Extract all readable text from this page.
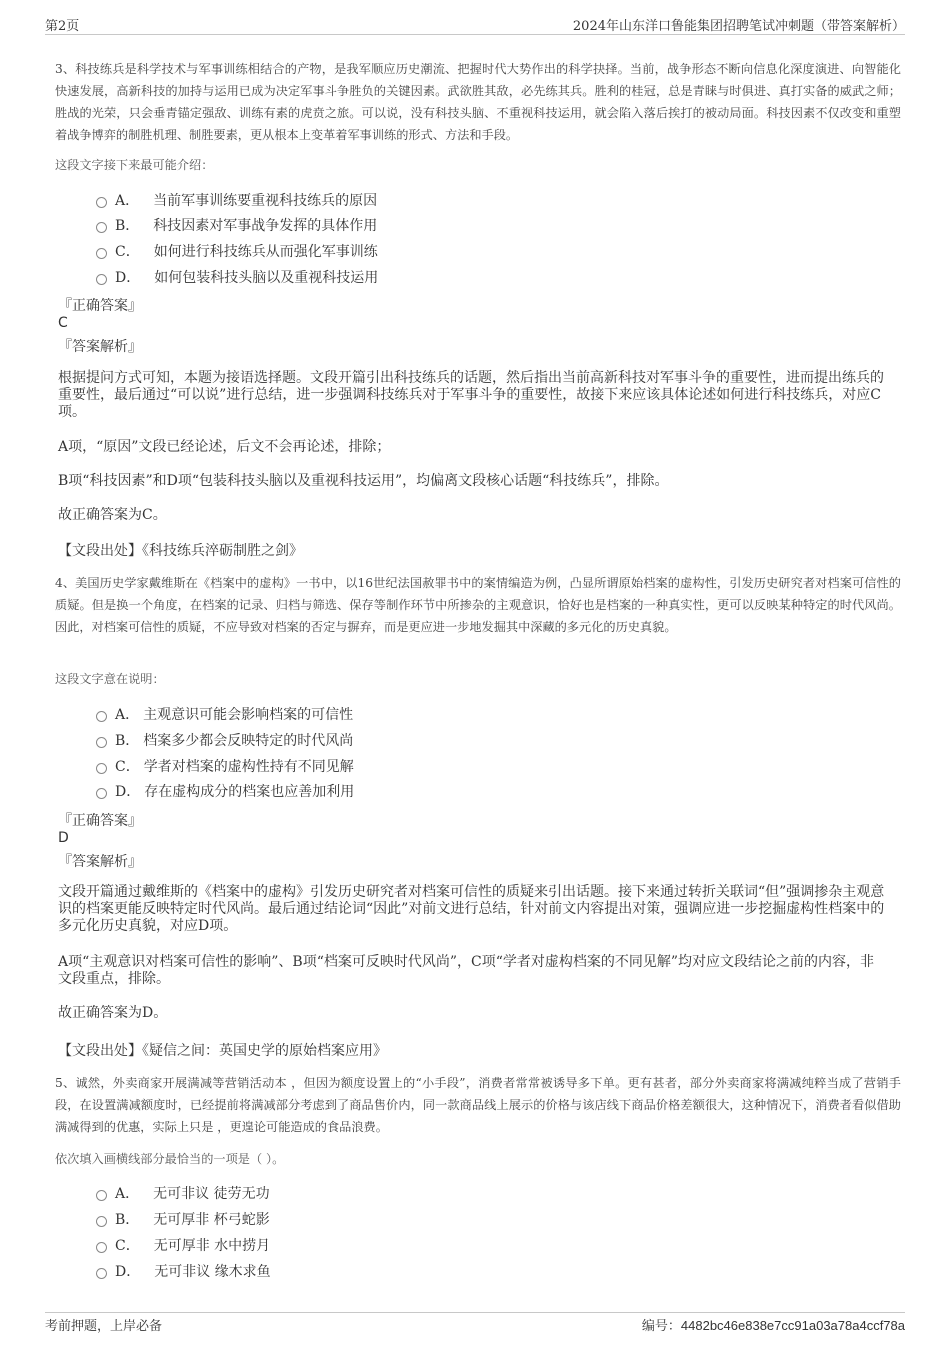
第2页	2024年山东洋口鲁能集团招聘笔试冲刺题（带答案解析）
3、科技练兵是科学技术与军事训练相结合的产物，是我军顺应历史潮流、把握时代大势作出的科学抉择。当前，战争形态不断向信息化深度演进、向智能化快速发展，高新科技的加持与运用已成为决定军事斗争胜负的关键因素。武欲胜其敌，必先练其兵。胜利的桂冠，总是青睐与时俱进、真打实备的威武之师；胜战的光荣，只会垂青锚定强敌、训练有素的虎贲之旅。可以说，没有科技头脑、不重视科技运用，就会陷入落后挨打的被动局面。科技因素不仅改变和重塑着战争博弈的制胜机理、制胜要素，更从根本上变革着军事训练的形式、方法和手段。
这段文字接下来最可能介绍：
A． 当前军事训练要重视科技练兵的原因
B． 科技因素对军事战争发挥的具体作用
C． 如何进行科技练兵从而强化军事训练
D． 如何包装科技头脑以及重视科技运用
『正确答案』
C
『答案解析』
根据提问方式可知，本题为接语选择题。文段开篇引出科技练兵的话题，然后指出当前高新科技对军事斗争的重要性，进而提出练兵的重要性，最后通过“可以说”进行总结，进一步强调科技练兵对于军事斗争的重要性，故接下来应该具体论述如何进行科技练兵，对应C项。
A项，“原因”文段已经论述，后文不会再论述，排除；
B项“科技因素”和D项“包装科技头脑以及重视科技运用”，均偏离文段核心话题“科技练兵”，排除。
故正确答案为C。
【文段出处】《科技练兵淬砺制胜之剑》
4、美国历史学家戴维斯在《档案中的虚构》一书中，以16世纪法国赦罪书中的案情编造为例，凸显所谓原始档案的虚构性，引发历史研究者对档案可信性的质疑。但是换一个角度，在档案的记录、归档与筛选、保存等制作环节中所掺杂的主观意识，恰好也是档案的一种真实性，更可以反映某种特定的时代风尚。因此，对档案可信性的质疑，不应导致对档案的否定与摒弃，而是更应进一步地发掘其中深藏的多元化的历史真貌。
这段文字意在说明：
A． 主观意识可能会影响档案的可信性
B． 档案多少都会反映特定的时代风尚
C． 学者对档案的虚构性持有不同见解
D． 存在虚构成分的档案也应善加利用
『正确答案』
D
『答案解析』
文段开篇通过戴维斯的《档案中的虚构》引发历史研究者对档案可信性的质疑来引出话题。接下来通过转折关联词“但”强调掺杂主观意识的档案更能反映特定时代风尚。最后通过结论词“因此”对前文进行总结，针对前文内容提出对策，强调应进一步挖掘虚构性档案中的多元化历史真貌，对应D项。
A项“主观意识对档案可信性的影响”、B项“档案可反映时代风尚”，C项“学者对虚构档案的不同见解”均对应文段结论之前的内容，非文段重点，排除。
故正确答案为D。
【文段出处】《疑信之间：英国史学的原始档案应用》
5、诚然，外卖商家开展满减等营销活动本 ，但因为额度设置上的“小手段”，消费者常常被诱导多下单。更有甚者，部分外卖商家将满减纯粹当成了营销手段，在设置满减额度时，已经提前将满减部分考虑到了商品售价内，同一款商品线上展示的价格与该店线下商品价格差额很大，这种情况下，消费者看似借助满减得到的优惠，实际上只是 ，更遑论可能造成的食品浪费。
依次填入画横线部分最恰当的一项是（ ）。
A． 无可非议 徒劳无功
B． 无可厚非 杯弓蛇影
C． 无可厚非 水中捞月
D． 无可非议 缘木求鱼
考前押题，上岸必备	编号：4482bc46e838e7cc91a03a78a4ccf78a
